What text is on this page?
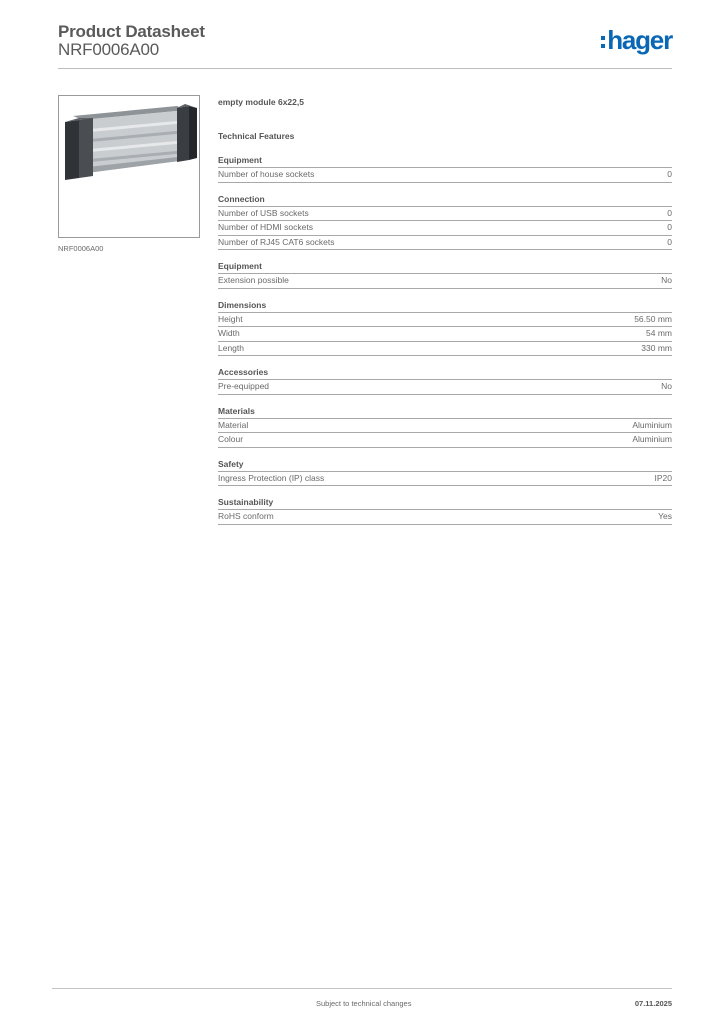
Product Datasheet
NRF0006A00	hager
NRF0006A00
empty module 6x22,5
Technical Features
Equipment
Number of house sockets	0
Connection
Number of USB sockets	0
Number of HDMI sockets	0
Number of RJ45 CAT6 sockets	0
Equipment
Extension possible	No
Dimensions
Height	56.50 mm
Width	54 mm
Length	330 mm
Accessories
Pre-equipped	No
Materials
Material	Aluminium
Colour	Aluminium
Safety
Ingress Protection (IP) class	IP20
Sustainability
RoHS conform	Yes
Subject to technical changes	07.11.2025
